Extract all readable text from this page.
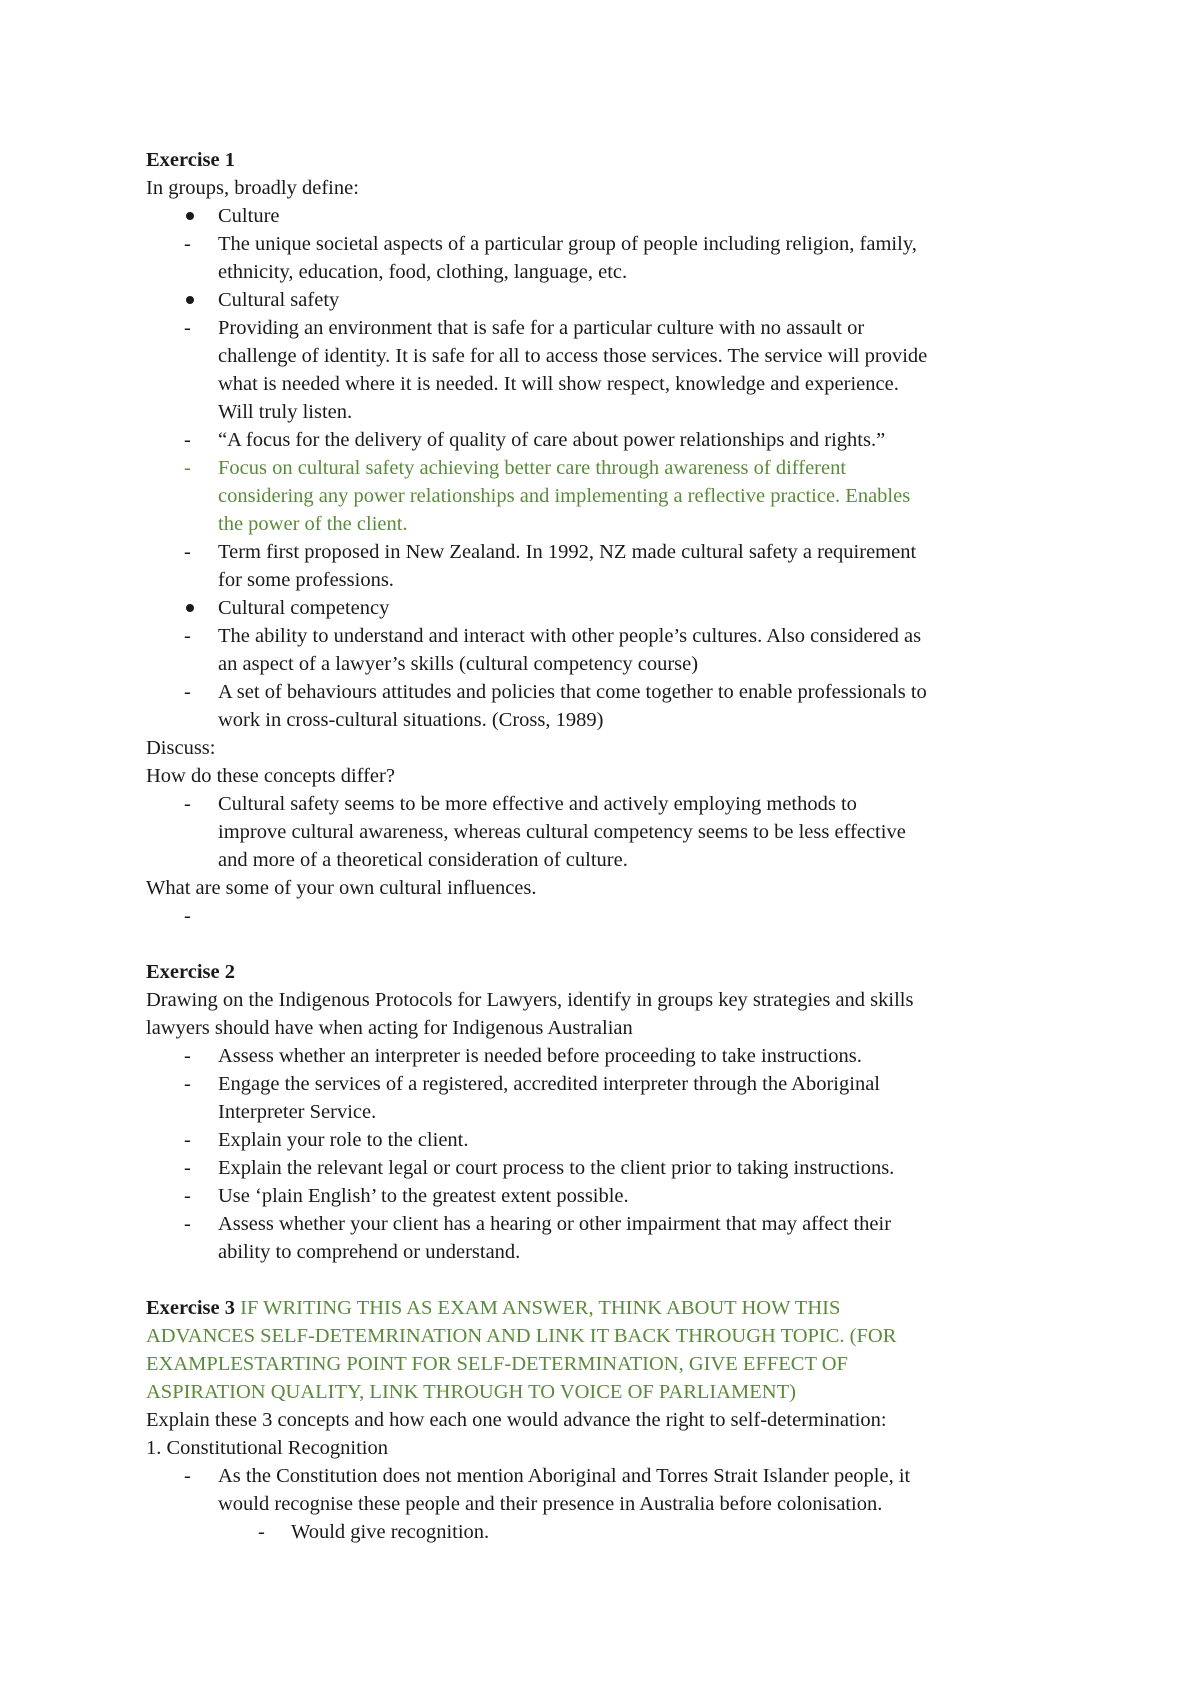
Exercise 1
In groups, broadly define:
Culture
- The unique societal aspects of a particular group of people including religion, family,
ethnicity, education, food, clothing, language, etc.
Cultural safety
- Providing an environment that is safe for a particular culture with no assault or
challenge of identity. It is safe for all to access those services. The service will provide
what is needed where it is needed. It will show respect, knowledge and experience.
Will truly listen.
- “A focus for the delivery of quality of care about power relationships and rights.”
- Focus on cultural safety achieving better care through awareness of different
considering any power relationships and implementing a reflective practice. Enables
the power of the client.
- Term first proposed in New Zealand. In 1992, NZ made cultural safety a requirement
for some professions.
Cultural competency
- The ability to understand and interact with other people’s cultures. Also considered as
an aspect of a lawyer’s skills (cultural competency course)
- A set of behaviours attitudes and policies that come together to enable professionals to
work in cross-cultural situations. (Cross, 1989)
Discuss:
How do these concepts differ?
- Cultural safety seems to be more effective and actively employing methods to
improve cultural awareness, whereas cultural competency seems to be less effective
and more of a theoretical consideration of culture.
What are some of your own cultural influences.
-
Exercise 2
Drawing on the Indigenous Protocols for Lawyers, identify in groups key strategies and skills
lawyers should have when acting for Indigenous Australian
- Assess whether an interpreter is needed before proceeding to take instructions.
- Engage the services of a registered, accredited interpreter through the Aboriginal
Interpreter Service.
- Explain your role to the client.
- Explain the relevant legal or court process to the client prior to taking instructions.
- Use ‘plain English’ to the greatest extent possible.
- Assess whether your client has a hearing or other impairment that may affect their
ability to comprehend or understand.
Exercise 3 IF WRITING THIS AS EXAM ANSWER, THINK ABOUT HOW THIS
ADVANCES SELF-DETEMRINATION AND LINK IT BACK THROUGH TOPIC. (FOR
EXAMPLESTARTING POINT FOR SELF-DETERMINATION, GIVE EFFECT OF
ASPIRATION QUALITY, LINK THROUGH TO VOICE OF PARLIAMENT)
Explain these 3 concepts and how each one would advance the right to self-determination:
1. Constitutional Recognition
- As the Constitution does not mention Aboriginal and Torres Strait Islander people, it
would recognise these people and their presence in Australia before colonisation.
- Would give recognition.
